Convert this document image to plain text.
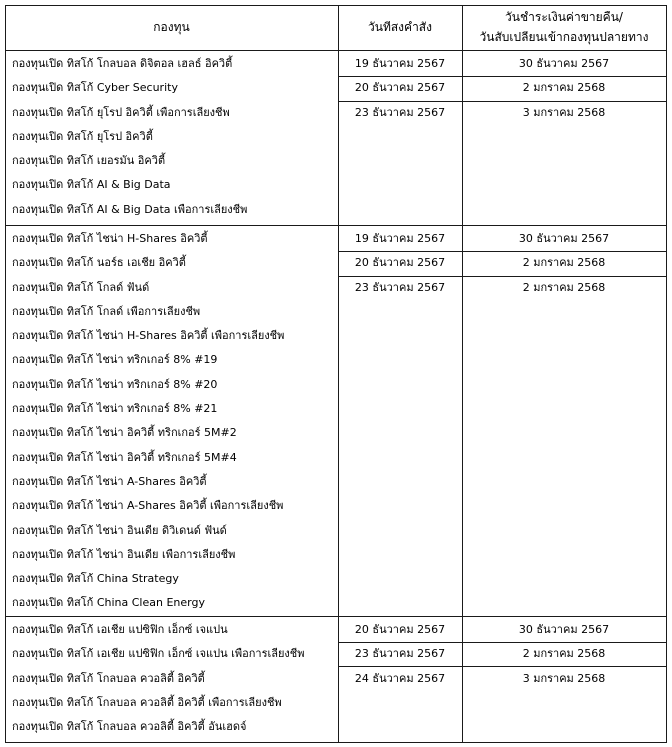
กองทุน	วันทีสงคำสัง
วันชำระเงินค่าขายคืน/
วันสับเปลียนเข้ากองทุนปลายทาง
กองทุนเปิด ทิสโก้ โกลบอล ดิจิตอล เฮลธ์ อิควิตี้
กองทุนเปิด ทิสโก้ Cyber Security
กองทุนเปิด ทิสโก้ ยุโรป อิควิตี้ เพือการเลียงชีพ
กองทุนเปิด ทิสโก้ ยุโรป อิควิตี้
กองทุนเปิด ทิสโก้ เยอรมัน อิควิตี้
กองทุนเปิด ทิสโก้ AI & Big Data
กองทุนเปิด ทิสโก้ AI & Big Data เพือการเลียงชีพ
19 ธันวาคม 2567
20 ธันวาคม 2567
23 ธันวาคม 2567
30 ธันวาคม 2567
2 มกราคม 2568
3 มกราคม 2568
กองทุนเปิด ทิสโก้ ไชน่า H-Shares อิควิตี้
กองทุนเปิด ทิสโก้ นอร์ธ เอเชีย อิควิตี้
กองทุนเปิด ทิสโก้ โกลด์ ฟันด์
กองทุนเปิด ทิสโก้ โกลด์ เพือการเลียงชีพ
กองทุนเปิด ทิสโก้ ไชน่า H-Shares อิควิตี้ เพือการเลียงชีพ
กองทุนเปิด ทิสโก้ ไชน่า ทริกเกอร์ 8% #19
กองทุนเปิด ทิสโก้ ไชน่า ทริกเกอร์ 8% #20
กองทุนเปิด ทิสโก้ ไชน่า ทริกเกอร์ 8% #21
กองทุนเปิด ทิสโก้ ไชน่า อิควิตี้ ทริกเกอร์ 5M#2
กองทุนเปิด ทิสโก้ ไชน่า อิควิตี้ ทริกเกอร์ 5M#4
กองทุนเปิด ทิสโก้ ไชน่า A-Shares อิควิตี้
กองทุนเปิด ทิสโก้ ไชน่า A-Shares อิควิตี้ เพือการเลียงชีพ
กองทุนเปิด ทิสโก้ ไชน่า อินเดีย ดิวิเดนด์ ฟันด์
กองทุนเปิด ทิสโก้ ไชน่า อินเดีย เพือการเลียงชีพ
กองทุนเปิด ทิสโก้ China Strategy
กองทุนเปิด ทิสโก้ China Clean Energy
19 ธันวาคม 2567
20 ธันวาคม 2567
23 ธันวาคม 2567
30 ธันวาคม 2567
2 มกราคม 2568
2 มกราคม 2568
กองทุนเปิด ทิสโก้ เอเชีย แปซิฟิก เอ็กซ์ เจแปน
กองทุนเปิด ทิสโก้ เอเชีย แปซิฟิก เอ็กซ์ เจแปน เพือการเลียงชีพ
กองทุนเปิด ทิสโก้ โกลบอล ควอลิตี้ อิควิตี้
กองทุนเปิด ทิสโก้ โกลบอล ควอลิตี้ อิควิตี้ เพือการเลียงชีพ
กองทุนเปิด ทิสโก้ โกลบอล ควอลิตี้ อิควิตี้ อันเฮดจ์
20 ธันวาคม 2567
23 ธันวาคม 2567
24 ธันวาคม 2567
30 ธันวาคม 2567
2 มกราคม 2568
3 มกราคม 2568
